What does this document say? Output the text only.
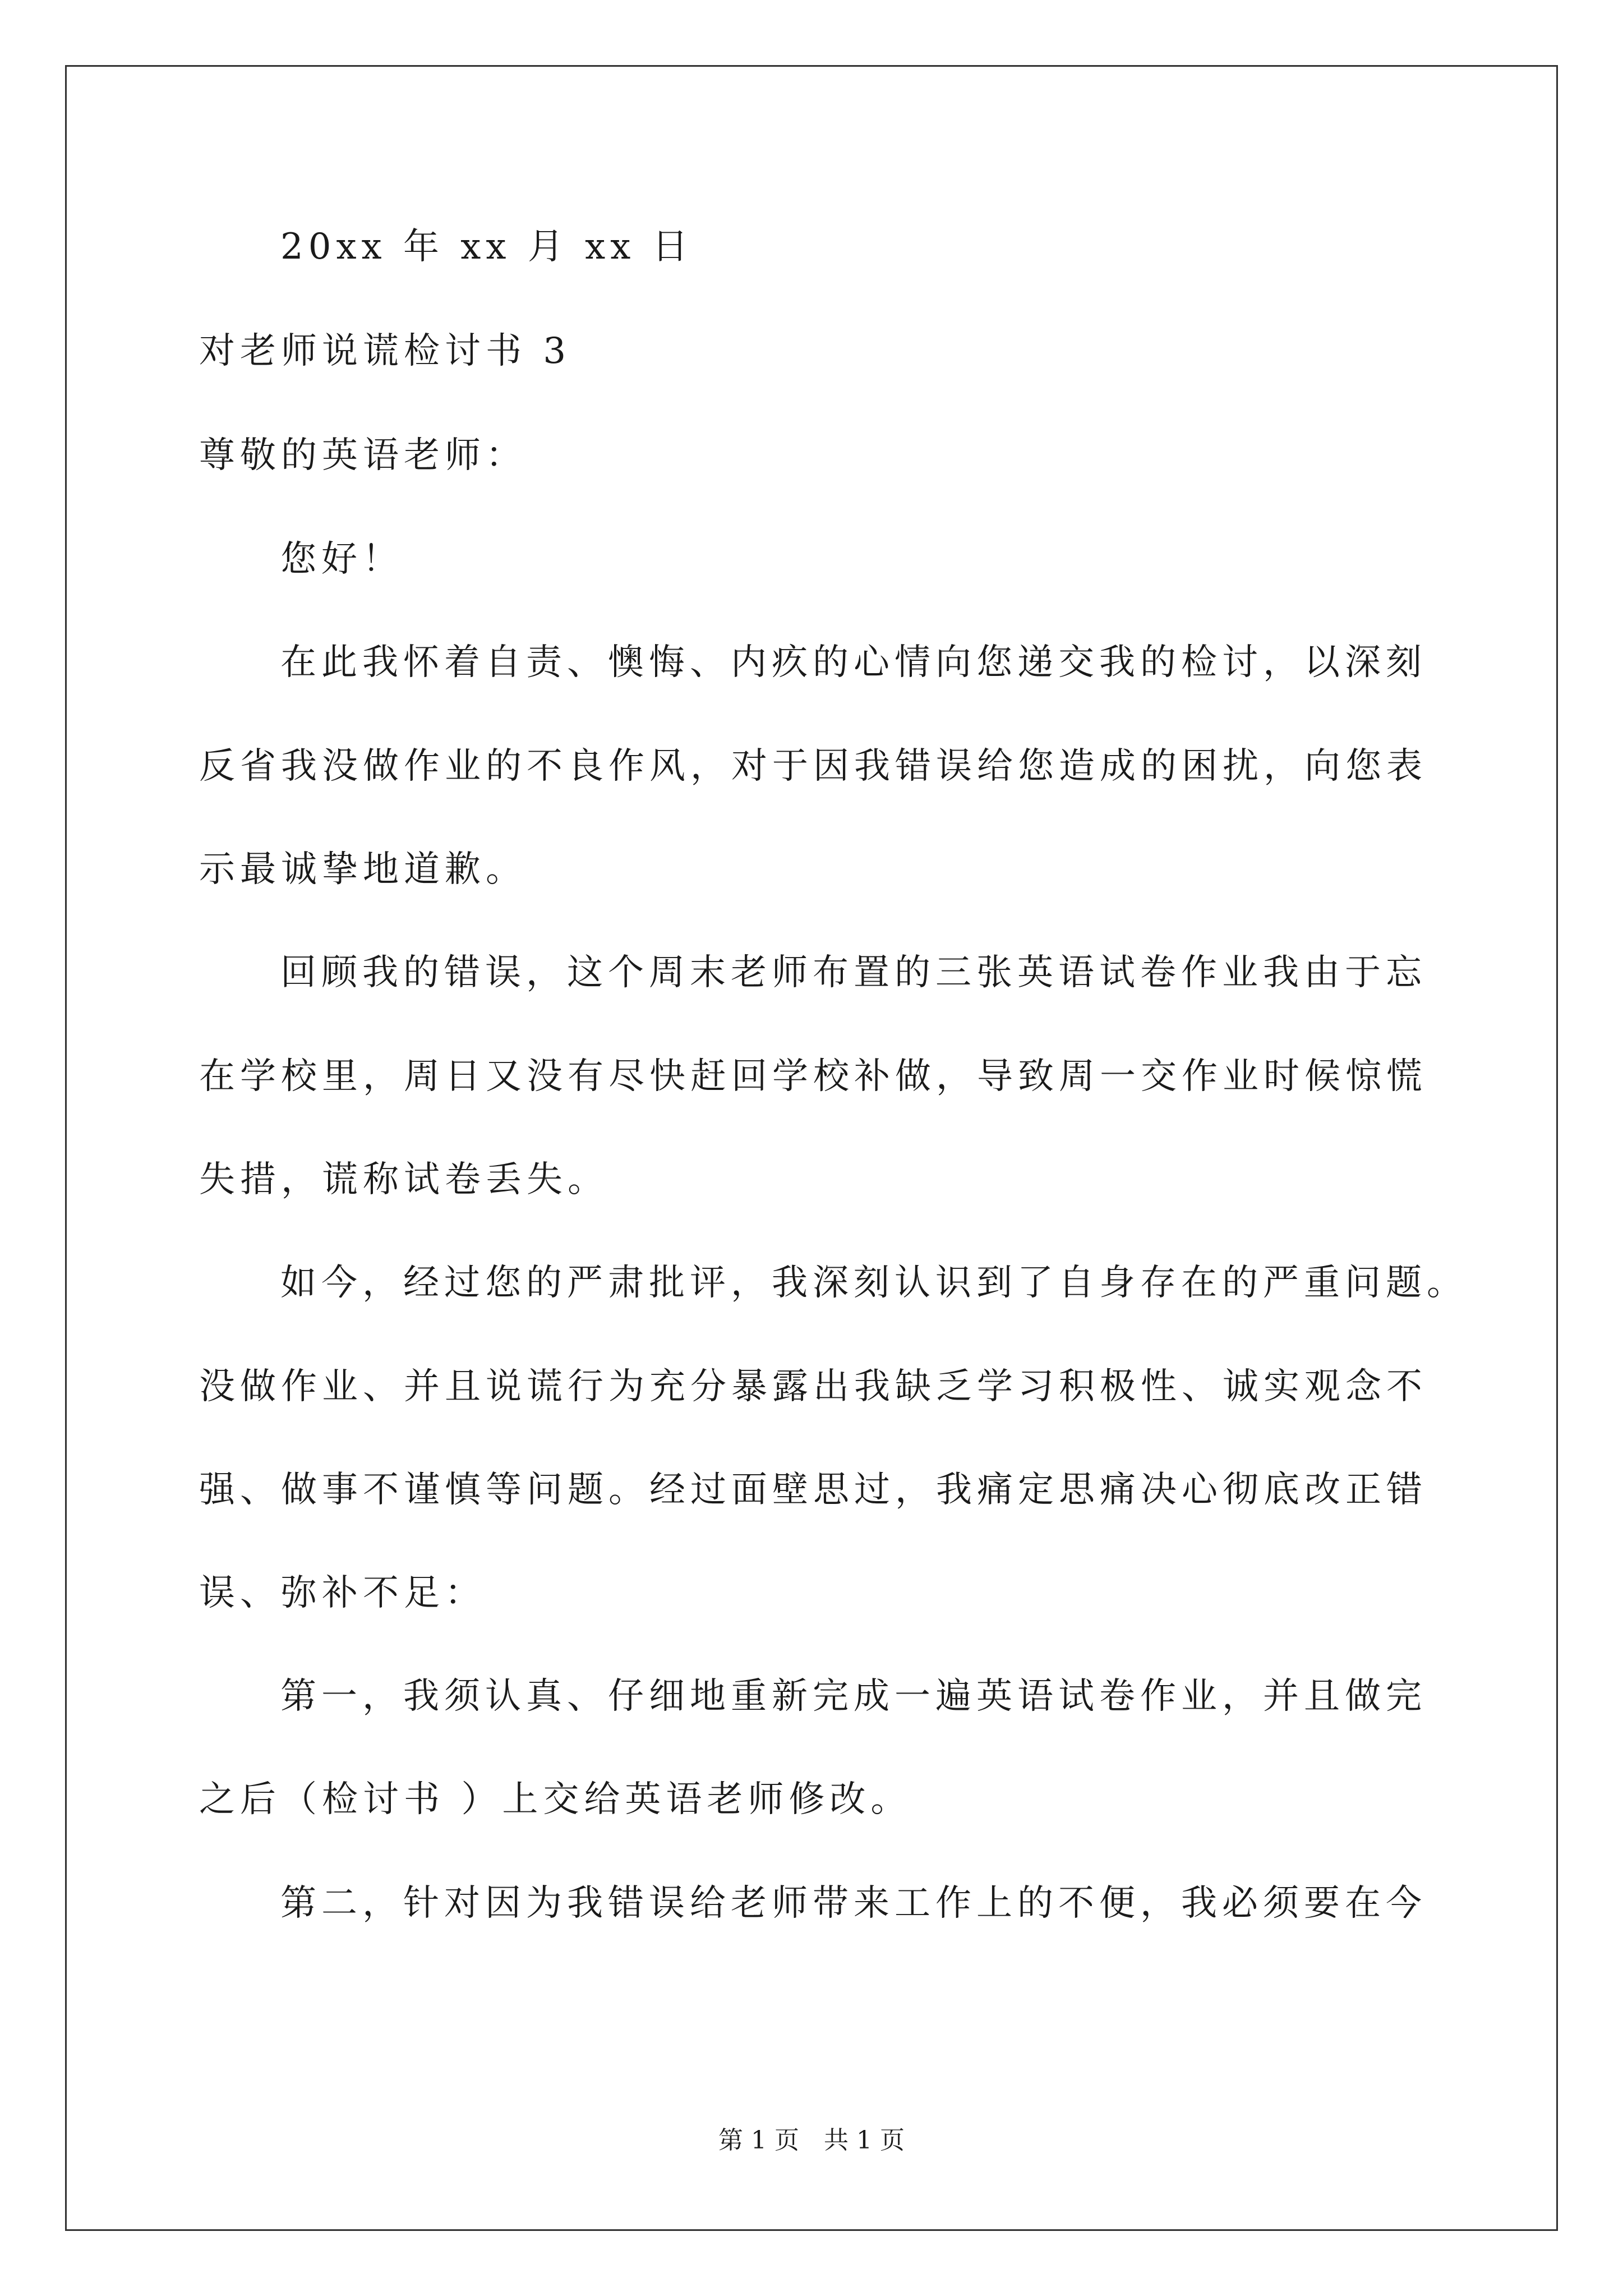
20xx 年 xx 月 xx 日
对老师说谎检讨书 3
尊敬的英语老师：
您好！
在此我怀着自责、懊悔、内疚的心情向您递交我的检讨，以深刻
反省我没做作业的不良作风，对于因我错误给您造成的困扰，向您表
示最诚挚地道歉。
回顾我的错误，这个周末老师布置的三张英语试卷作业我由于忘
在学校里，周日又没有尽快赶回学校补做，导致周一交作业时候惊慌
失措，谎称试卷丢失。
如今，经过您的严肃批评，我深刻认识到了自身存在的严重问题。
没做作业、并且说谎行为充分暴露出我缺乏学习积极性、诚实观念不
强、做事不谨慎等问题。经过面壁思过，我痛定思痛决心彻底改正错
误、弥补不足：
第一，我须认真、仔细地重新完成一遍英语试卷作业，并且做完
之后（检讨书 ）上交给英语老师修改。
第二，针对因为我错误给老师带来工作上的不便，我必须要在今
第 1 页　共 1 页
